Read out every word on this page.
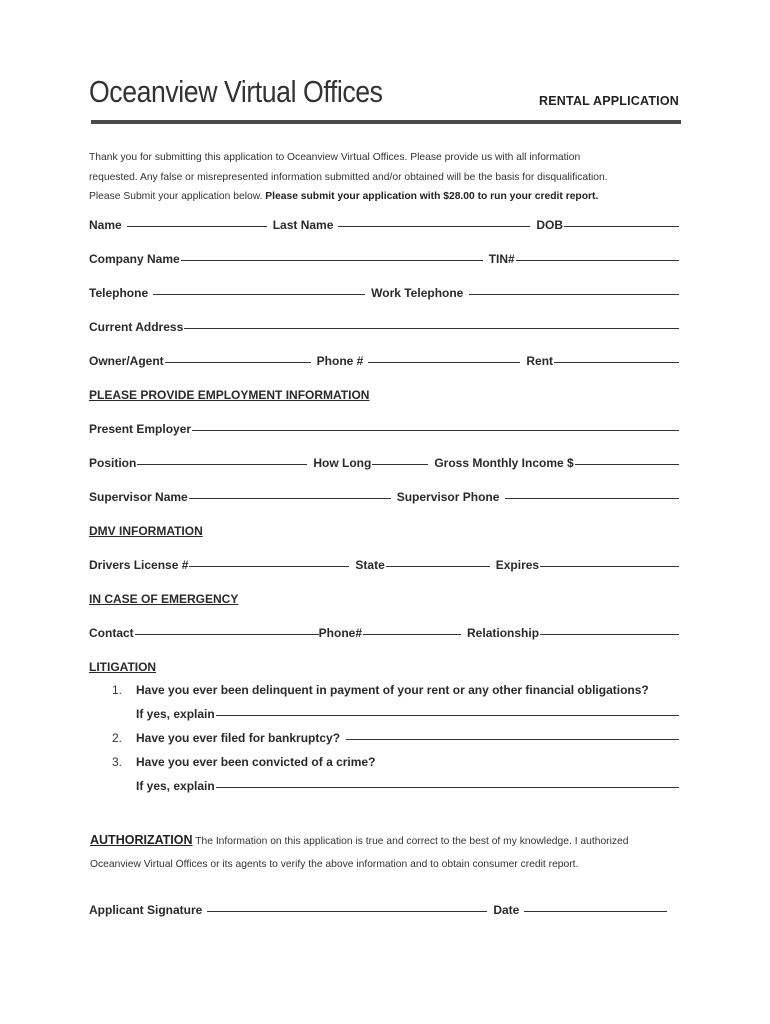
Oceanview Virtual Offices	RENTAL APPLICATION
Thank you for submitting this application to Oceanview Virtual Offices. Please provide us with all information
requested. Any false or misrepresented information submitted and/or obtained will be the basis for disqualification.
Please Submit your application below. Please submit your application with $28.00 to run your credit report.
Name	Last Name	DOB
Company Name	TIN#
Telephone	Work Telephone
Current Address
Owner/Agent	Phone #	Rent
PLEASE PROVIDE EMPLOYMENT INFORMATION
Present Employer
Position	How Long	Gross Monthly Income $
Supervisor Name	Supervisor Phone
DMV INFORMATION
Drivers License #	State	Expires
IN CASE OF EMERGENCY
Contact	Phone#	Relationship
LITIGATION
1. Have you ever been delinquent in payment of your rent or any other financial obligations?
If yes, explain
2. Have you ever filed for bankruptcy?
3. Have you ever been convicted of a crime?
If yes, explain
AUTHORIZATION The Information on this application is true and correct to the best of my knowledge. I authorized
Oceanview Virtual Offices or its agents to verify the above information and to obtain consumer credit report.
Applicant Signature	Date
